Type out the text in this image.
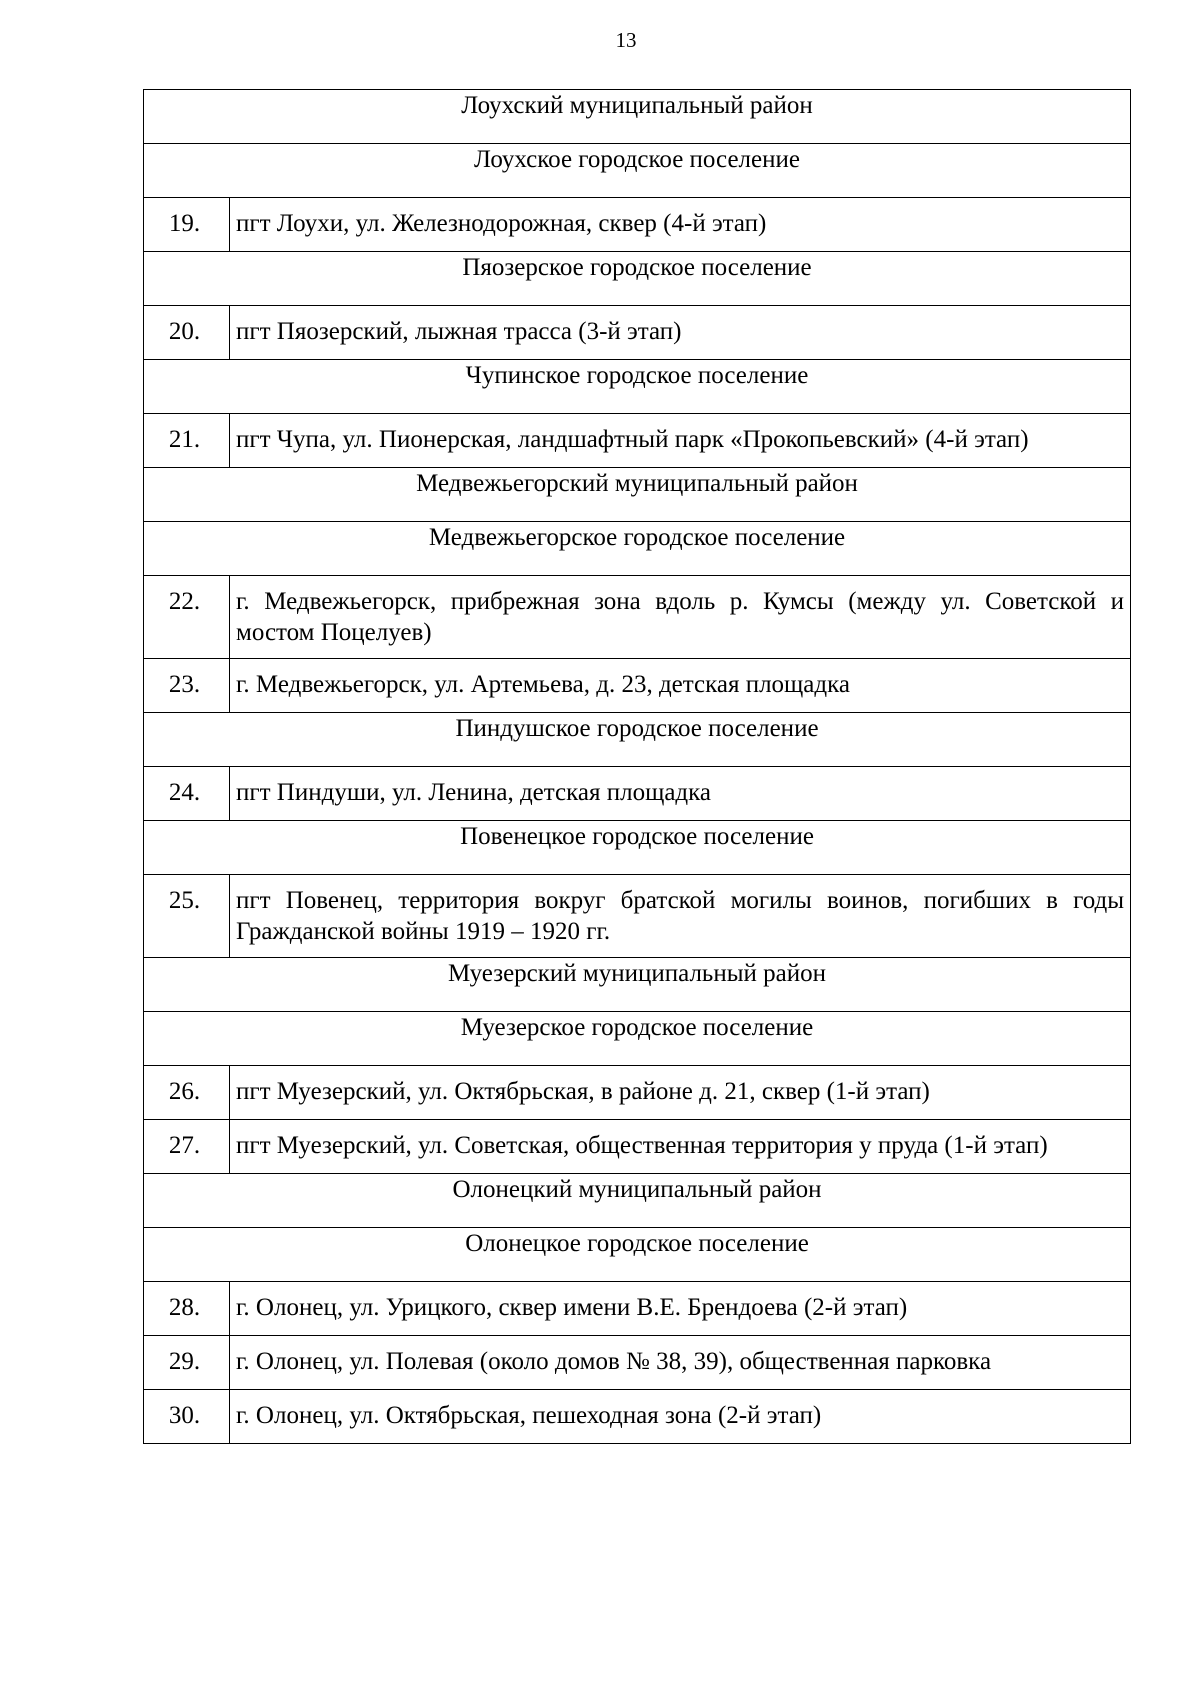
13
Лоухский муниципальный район	
Лоухское городское поселение	
19.	пгт Лоухи, ул. Железнодорожная, сквер (4-й этап)
Пяозерское городское поселение	
20.	пгт Пяозерский, лыжная трасса (3-й этап)
Чупинское городское поселение	
21.	пгт Чупа, ул. Пионерская, ландшафтный парк «Прокопьевский» (4-й этап)
Медвежьегорский муниципальный район	
Медвежьегорское городское поселение	
22.	г. Медвежьегорск, прибрежная зона вдоль р. Кумсы (между ул. Советской и мостом Поцелуев)
23.	г. Медвежьегорск, ул. Артемьева, д. 23, детская площадка
Пиндушское городское поселение	
24.	пгт Пиндуши, ул. Ленина, детская площадка
Повенецкое городское поселение	
25.	пгт Повенец, территория вокруг братской могилы воинов, погибших в годы Гражданской войны 1919 – 1920 гг.
Муезерский муниципальный район	
Муезерское городское поселение	
26.	пгт Муезерский, ул. Октябрьская, в районе д. 21, сквер (1-й этап)
27.	пгт Муезерский, ул. Советская, общественная территория у пруда (1-й этап)
Олонецкий муниципальный район	
Олонецкое городское поселение	
28.	г. Олонец, ул. Урицкого, сквер имени В.Е. Брендоева (2-й этап)
29.	г. Олонец, ул. Полевая (около домов № 38, 39), общественная парковка
30.	г. Олонец, ул. Октябрьская, пешеходная зона (2-й этап)
